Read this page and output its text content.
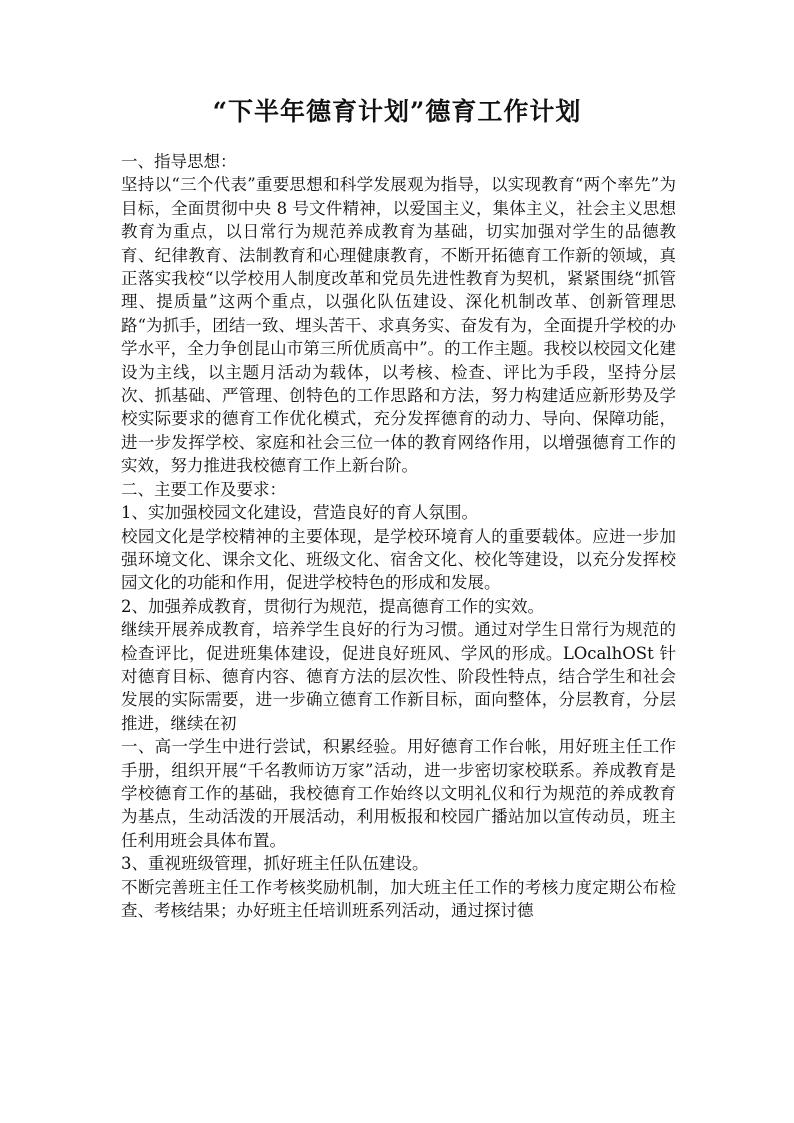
“下半年德育计划”德育工作计划

一、指导思想：

坚持以“三个代表”重要思想和科学发展观为指导，以实现教育“两个率先”为目标，全面贯彻中央 8 号文件精神，以爱国主义，集体主义，社会主义思想教育为重点，以日常行为规范养成教育为基础，切实加强对学生的品德教育、纪律教育、法制教育和心理健康教育，不断开拓德育工作新的领域，真正落实我校“以学校用人制度改革和党员先进性教育为契机，紧紧围绕“抓管理、提质量”这两个重点，以强化队伍建设、深化机制改革、创新管理思路“为抓手，团结一致、埋头苦干、求真务实、奋发有为，全面提升学校的办学水平，全力争创昆山市第三所优质高中”。的工作主题。我校以校园文化建设为主线，以主题月活动为载体，以考核、检查、评比为手段，坚持分层次、抓基础、严管理、创特色的工作思路和方法，努力构建适应新形势及学校实际要求的德育工作优化模式，充分发挥德育的动力、导向、保障功能，进一步发挥学校、家庭和社会三位一体的教育网络作用，以增强德育工作的实效，努力推进我校德育工作上新台阶。

二、主要工作及要求：

1、实加强校园文化建设，营造良好的育人氛围。

校园文化是学校精神的主要体现，是学校环境育人的重要载体。应进一步加强环境文化、课余文化、班级文化、宿舍文化、校化等建设，以充分发挥校园文化的功能和作用，促进学校特色的形成和发展。

2、加强养成教育，贯彻行为规范，提高德育工作的实效。

继续开展养成教育，培养学生良好的行为习惯。通过对学生日常行为规范的检查评比，促进班集体建设，促进良好班风、学风的形成。LOcalhOSt 针对德育目标、德育内容、德育方法的层次性、阶段性特点，结合学生和社会发展的实际需要，进一步确立德育工作新目标，面向整体，分层教育，分层推进，继续在初

一、高一学生中进行尝试，积累经验。用好德育工作台帐，用好班主任工作手册，组织开展“千名教师访万家”活动，进一步密切家校联系。养成教育是学校德育工作的基础，我校德育工作始终以文明礼仪和行为规范的养成教育为基点，生动活泼的开展活动，利用板报和校园广播站加以宣传动员，班主任利用班会具体布置。

3、重视班级管理，抓好班主任队伍建设。

不断完善班主任工作考核奖励机制，加大班主任工作的考核力度定期公布检查、考核结果；办好班主任培训班系列活动，通过探讨德
